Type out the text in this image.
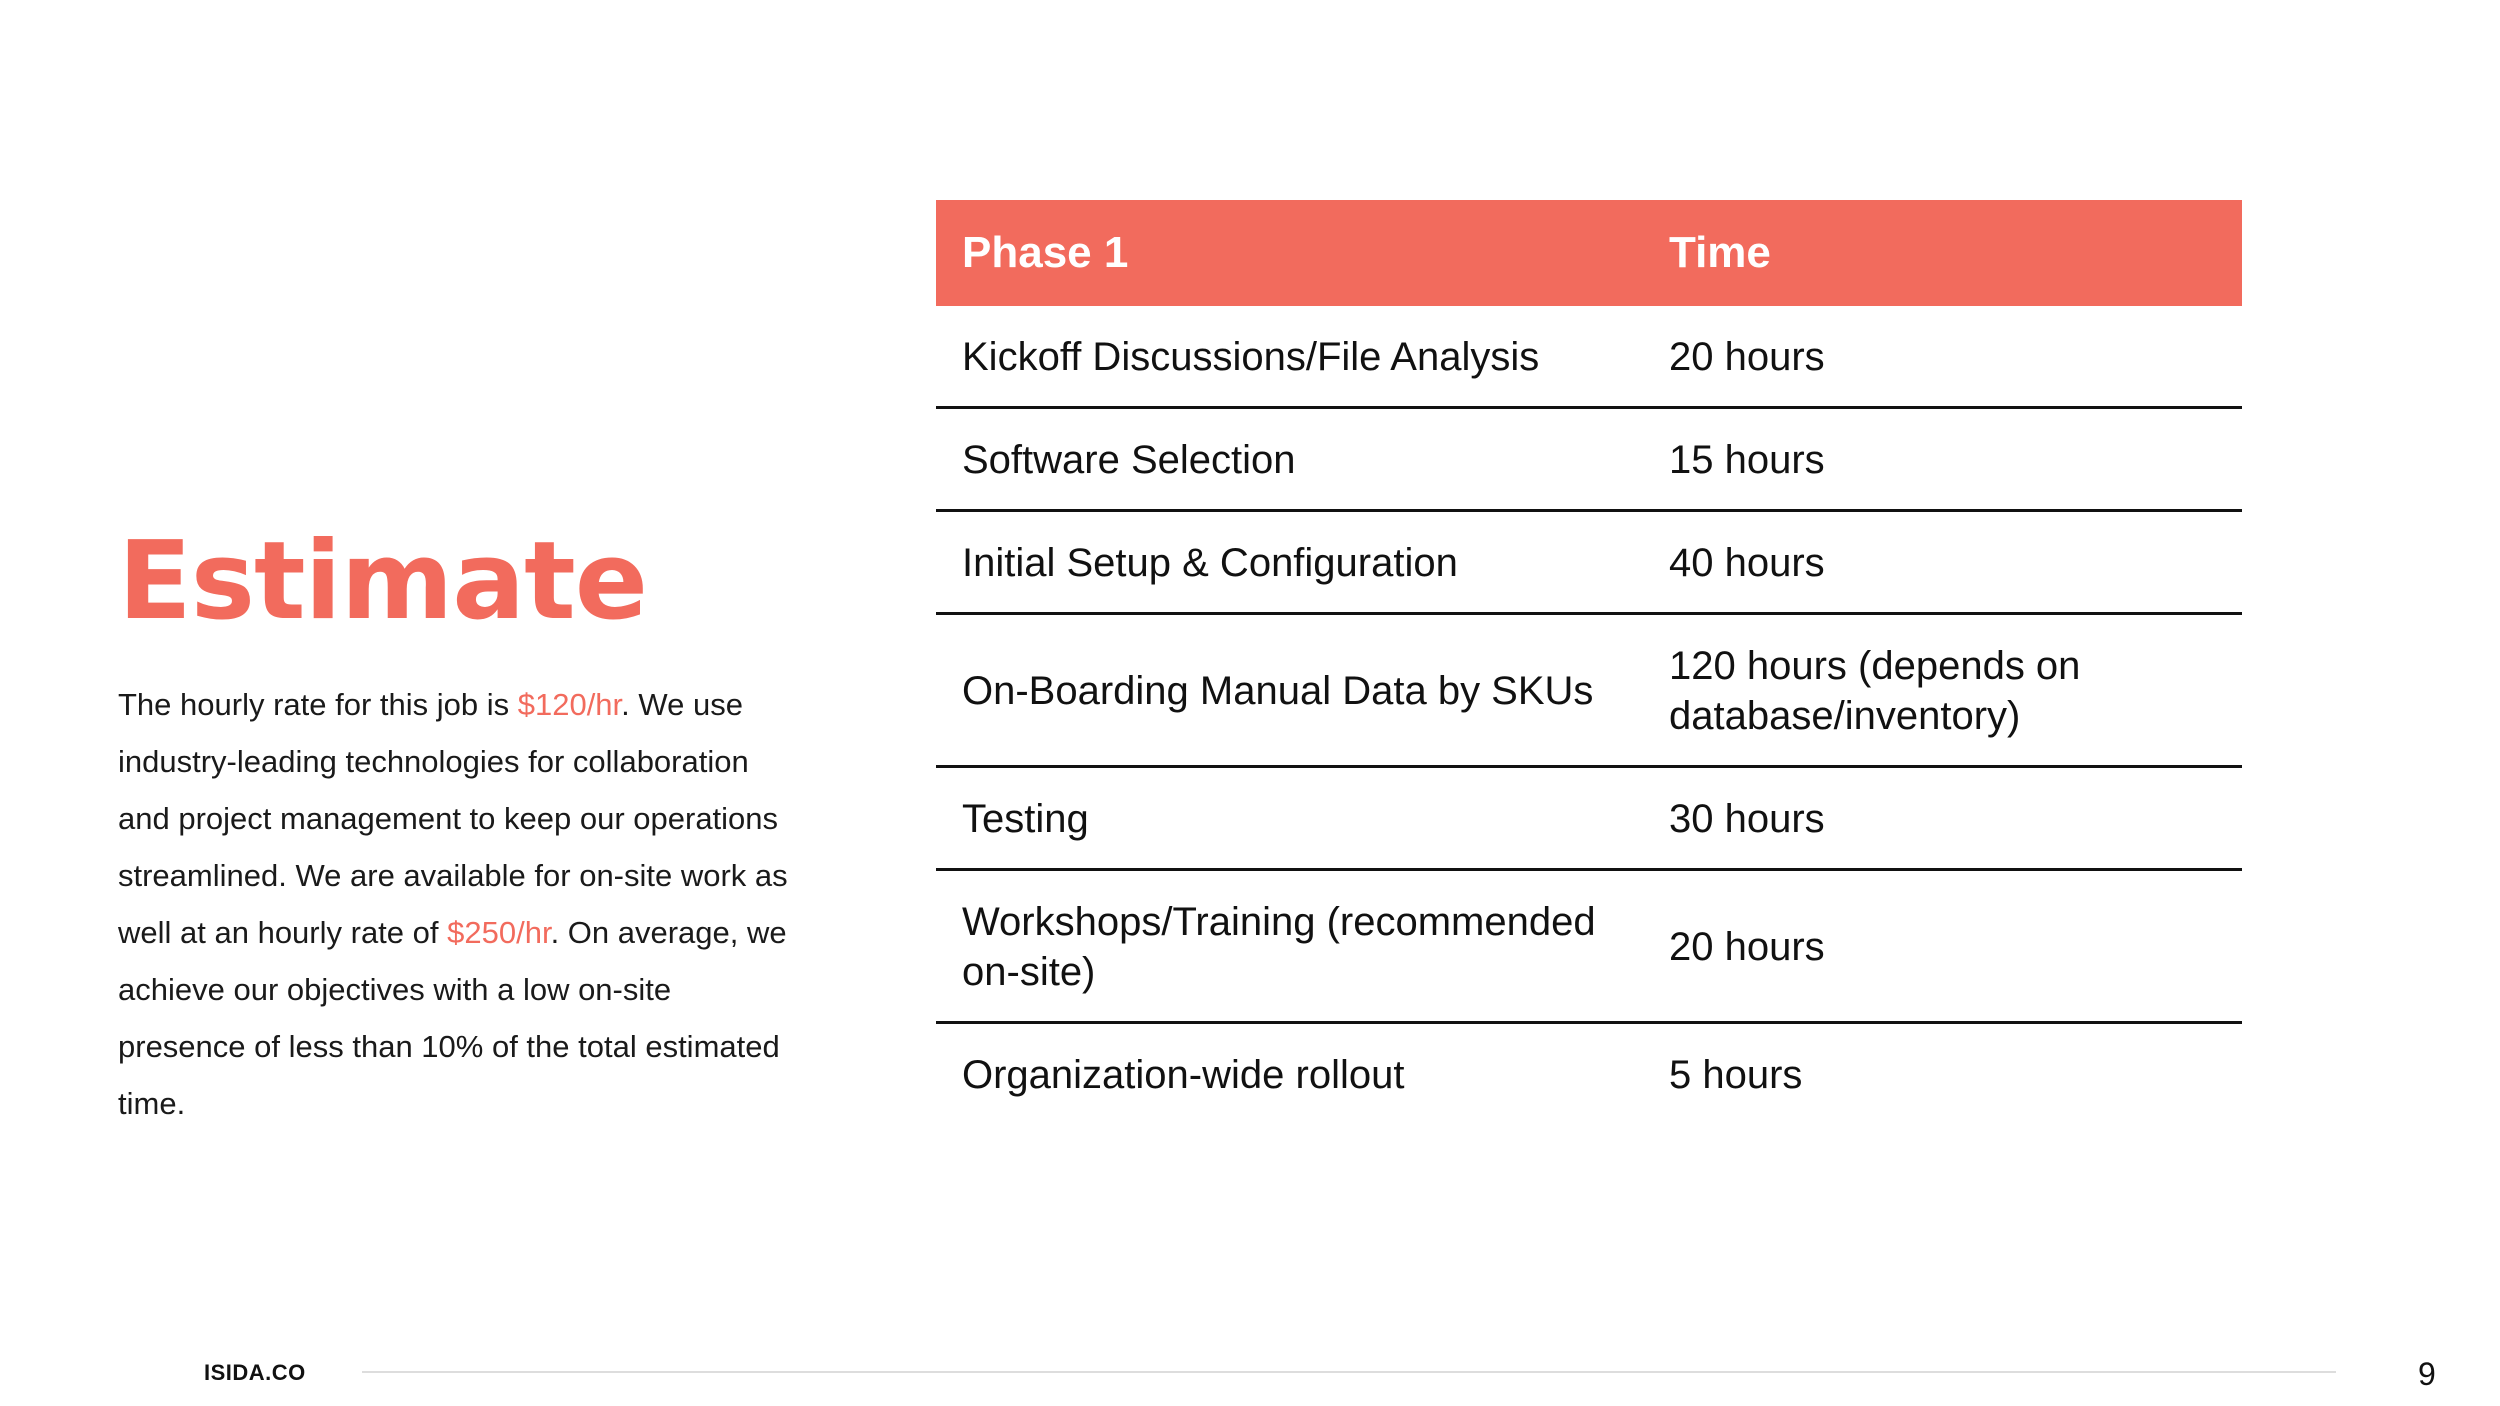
Estimate

The hourly rate for this job is $120/hr. We use industry-leading technologies for collaboration and project management to keep our operations streamlined. We are available for on-site work as well at an hourly rate of $250/hr. On average, we achieve our objectives with a low on-site presence of less than 10% of the total estimated time.

Phase 1	Time
Kickoff Discussions/File Analysis	20 hours
Software Selection	15 hours
Initial Setup & Configuration	40 hours
On-Boarding Manual Data by SKUs	120 hours (depends on database/inventory)
Testing	30 hours
Workshops/Training (recommended on-site)	20 hours
Organization-wide rollout	5 hours
ISIDA.CO	9
